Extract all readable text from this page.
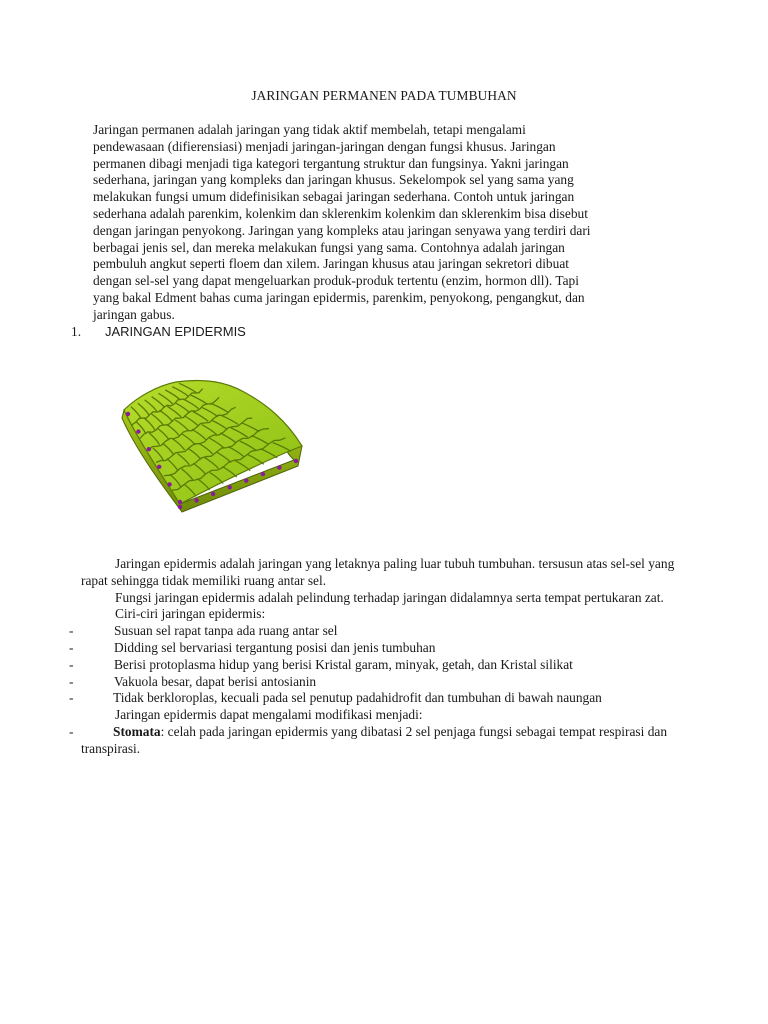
JARINGAN PERMANEN PADA TUMBUHAN
Jaringan permanen adalah jaringan yang tidak aktif membelah, tetapi mengalami
pendewasaan (difierensiasi) menjadi jaringan-jaringan dengan fungsi khusus. Jaringan
permanen dibagi menjadi tiga kategori tergantung struktur dan fungsinya. Yakni jaringan
sederhana, jaringan yang kompleks dan jaringan khusus. Sekelompok sel yang sama yang
melakukan fungsi umum didefinisikan sebagai jaringan sederhana. Contoh untuk jaringan
sederhana adalah parenkim, kolenkim dan sklerenkim kolenkim dan sklerenkim bisa disebut
dengan jaringan penyokong. Jaringan yang kompleks atau jaringan senyawa yang terdiri dari
berbagai jenis sel, dan mereka melakukan fungsi yang sama. Contohnya adalah jaringan
pembuluh angkut seperti floem dan xilem. Jaringan khusus atau jaringan sekretori dibuat
dengan sel-sel yang dapat mengeluarkan produk-produk tertentu (enzim, hormon dll). Tapi
yang bakal Edment bahas cuma jaringan epidermis, parenkim, penyokong, pengangkut, dan
jaringan gabus.
1. JARINGAN EPIDERMIS

Jaringan epidermis adalah jaringan yang letaknya paling luar tubuh tumbuhan. tersusun atas sel-sel yang rapat sehingga tidak memiliki ruang antar sel.

Fungsi jaringan epidermis adalah pelindung terhadap jaringan didalamnya serta tempat pertukaran zat.

Ciri-ciri jaringan epidermis:

-	Susuan sel rapat tanpa ada ruang antar sel
-	Didding sel bervariasi tergantung posisi dan jenis tumbuhan
-	Berisi protoplasma hidup yang berisi Kristal garam, minyak, getah, dan Kristal silikat
-	Vakuola besar, dapat berisi antosianin
-	Tidak berkloroplas, kecuali pada sel penutup padahidrofit dan tumbuhan di bawah naungan

Jaringan epidermis dapat mengalami modifikasi menjadi:

-	Stomata: celah pada jaringan epidermis yang dibatasi 2 sel penjaga fungsi sebagai tempat respirasi dan transpirasi.
